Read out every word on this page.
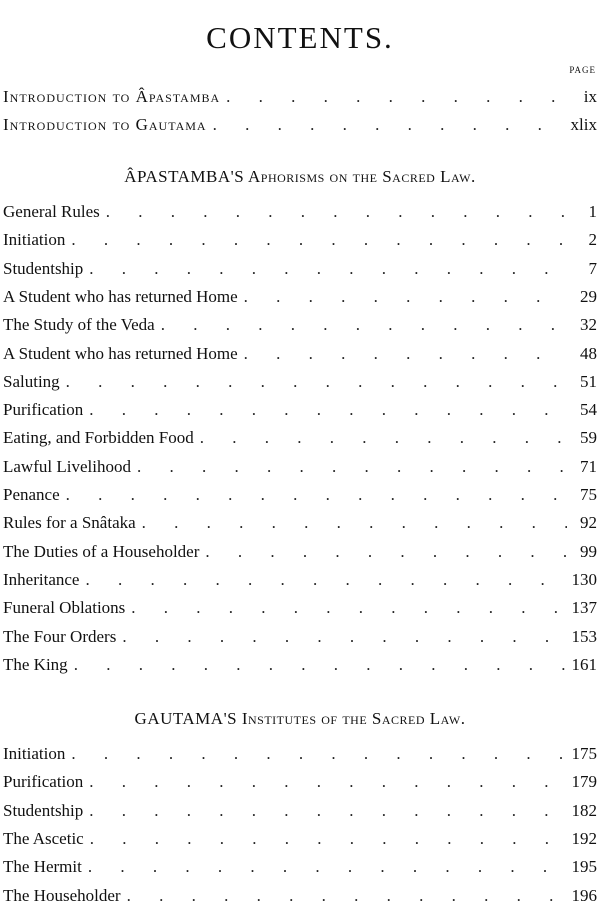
CONTENTS.
PAGE
Introduction to Âpastamba . . .	ix
Introduction to Gautama . . .	xlix
ÂPASTAMBA'S Aphorisms on the Sacred Law.
General Rules . . .	1
Initiation . . .	2
Studentship . . .	7
A Student who has returned Home . . .	29
The Study of the Veda . . .	32
A Student who has returned Home . . .	48
Saluting . . .	51
Purification . . .	54
Eating, and Forbidden Food . . .	59
Lawful Livelihood . . .	71
Penance . . .	75
Rules for a Snâtaka . . .	92
The Duties of a Householder . . .	99
Inheritance . . .	130
Funeral Oblations . . .	137
The Four Orders . . .	153
The King . . .	161
GAUTAMA'S Institutes of the Sacred Law.
Initiation . . .	175
Purification . . .	179
Studentship . . .	182
The Ascetic . . .	192
The Hermit . . .	195
The Householder . . .	196
